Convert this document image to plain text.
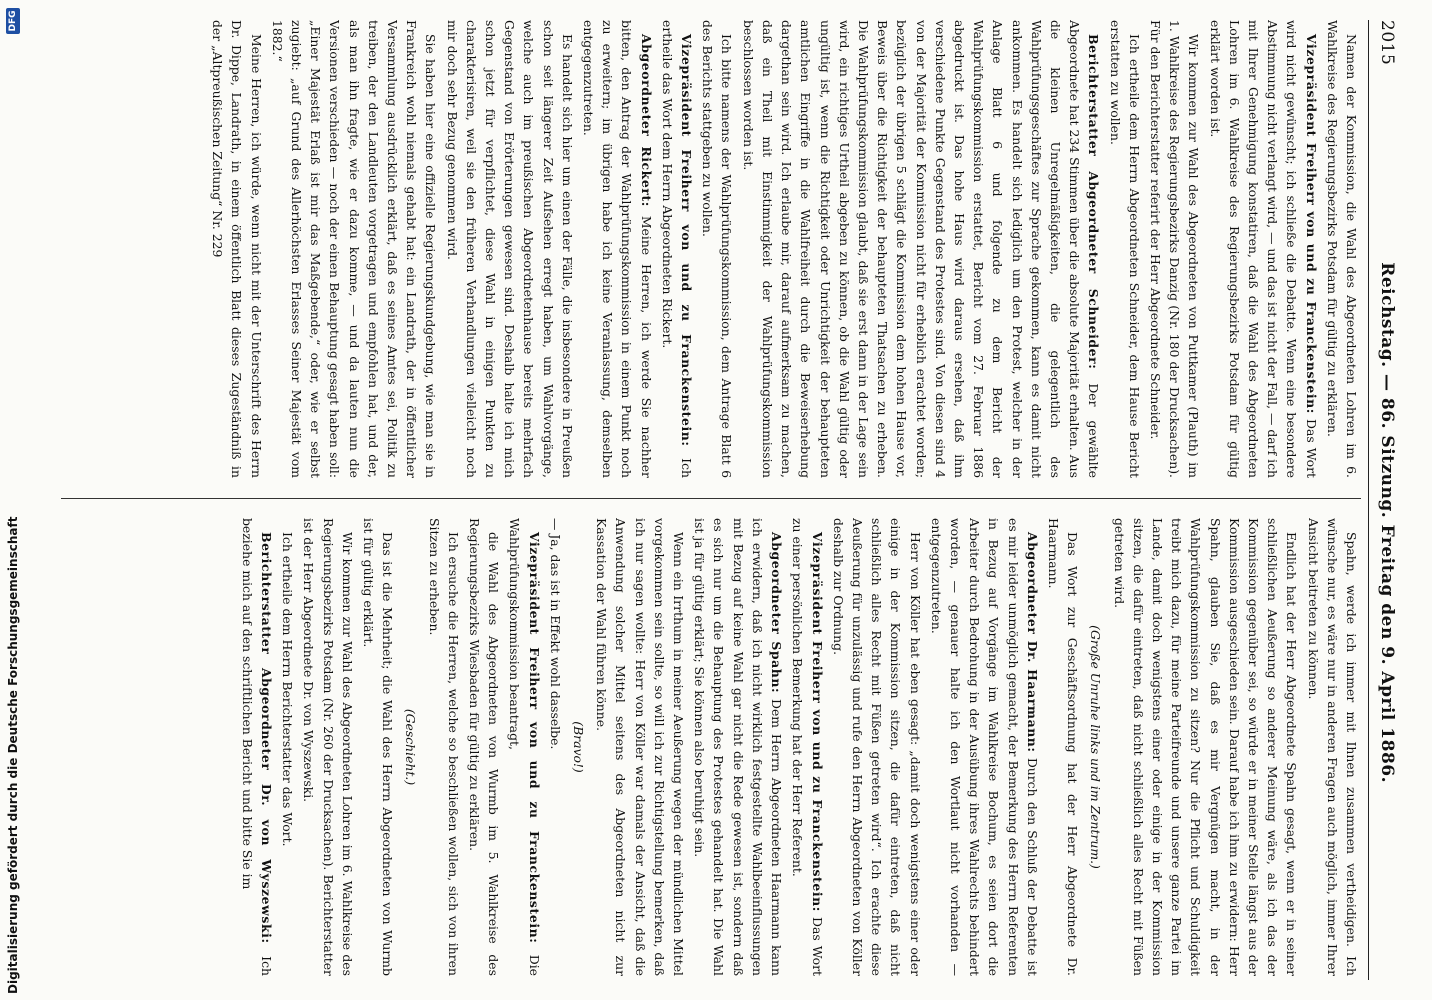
2015
Reichstag. — 86. Sitzung. Freitag den 9. April 1886.

Namen der Kommission, die Wahl des Abgeordneten Lohren im 6. Wahlkreise des Regierungsbezirks Potsdam für gültig zu erklären.

Vizepräsident Freiherr von und zu Franckenstein: Das Wort wird nicht gewünscht; ich schließe die Debatte. Wenn eine besondere Abstimmung nicht verlangt wird, — und das ist nicht der Fall, — darf ich mit Ihrer Genehmigung konstatiren, daß die Wahl des Abgeordneten Lohren im 6. Wahlkreise des Regierungsbezirks Potsdam für gültig erklärt worden ist.

Wir kommen zur Wahl des Abgeordneten von Puttkamer (Plauth) im 1. Wahlkreise des Regierungsbezirks Danzig (Nr. 180 der Drucksachen). Für den Berichterstatter referirt der Herr Abgeordnete Schneider.

Ich ertheile dem Herrn Abgeordneten Schneider, dem Hause Bericht erstatten zu wollen.

Berichterstatter Abgeordneter Schneider: Der gewählte Abgeordnete hat 234 Stimmen über die absolute Majorität erhalten. Aus die kleinen Unregelmäßigkeiten, die gelegentlich des Wahlprüfungsgeschäftes zur Sprache gekommen, kann es damit nicht ankommen. Es handelt sich lediglich um den Protest, welcher in der Anlage Blatt 6 und folgende zu dem Bericht der Wahlprüfungskommission erstattet, Bericht vom 27. Februar 1886 abgedruckt ist. Das hohe Haus wird daraus ersehen, daß ihm verschiedene Punkte Gegenstand des Protestes sind. Von diesen sind 4 von der Majorität der Kommission nicht für erheblich erachtet worden; bezüglich der übrigen 5 schlägt die Kommission dem hohen Hause vor, Beweis über die Richtigkeit der behaupteten Thatsachen zu erheben. Die Wahlprüfungskommission glaubt, daß sie erst dann in der Lage sein wird, ein richtiges Urtheil abgeben zu können, ob die Wahl gültig oder ungültig ist, wenn die Richtigkeit oder Unrichtigkeit der behaupteten amtlichen Eingriffe in die Wahlfreiheit durch die Beweiserhebung dargethan sein wird. Ich erlaube mir, darauf aufmerksam zu machen, daß ein Theil mit Einstimmigkeit der Wahlprüfungskommission beschlossen worden ist.

Ich bitte namens der Wahlprüfungskommission, dem Antrage Blatt 6 des Berichts stattgeben zu wollen.

Vizepräsident Freiherr von und zu Franckenstein: Ich ertheile das Wort dem Herrn Abgeordneten Rickert.

Abgeordneter Rickert: Meine Herren, ich werde Sie nachher bitten, den Antrag der Wahlprüfungskommission in einem Punkt noch zu erweitern; im übrigen habe ich keine Veranlassung, demselben entgegenzutreten.

Es handelt sich hier um einen der Fälle, die insbesondere in Preußen schon seit längerer Zeit Aufsehen erregt haben, um Wahlvorgänge, welche auch im preußischen Abgeordnetenhause bereits mehrfach Gegenstand von Erörterungen gewesen sind. Deshalb halte ich mich schon jetzt für verpflichtet, diese Wahl in einigen Punkten zu charakterisiren, weil sie den früheren Verhandlungen vielleicht noch mir doch sehr Bezug genommen wird.

Sie haben hier eine offizielle Regierungskundgebung, wie man sie in Frankreich wohl niemals gehabt hat: ein Landrath, der in öffentlicher Versammlung ausdrücklich erklärt, daß es seines Amtes sei, Politik zu treiben, der den Landleuten vorgetragen und empfohlen hat, und der, als man ihn fragte, wie er dazu komme, — und da lauten nun die Versionen verschieden — noch der einen Behauptung gesagt haben soll: „Einer Majestät Erlaß ist mir das Maßgebende,“ oder, wie er selbst zugiebt: „auf Grund des Allerhöchsten Erlasses Seiner Majestät vom 1882.“

Meine Herren, ich würde, wenn nicht mit der Unterschrift des Herrn Dr. Dippe, Landrath, in einem öffentlich Blatt dieses Zugeständniß in der „Altpreußischen Zeitung“ Nr. 229

Spahn, werde ich immer mit Ihnen zusammen vertheidigen. Ich wünsche nur, es wäre nur in anderen Fragen auch möglich, immer Ihrer Ansicht beitreten zu können.

Endlich hat der Herr Abgeordnete Spahn gesagt, wenn er in seiner schließlichen Aeußerung so anderer Meinung wäre, als ich das der Kommission gegenüber sei, so würde er in meiner Stelle längst aus der Kommission ausgeschieden sein. Darauf habe ich ihm zu erwidern: Herr Spahn, glauben Sie, daß es mir Vergnügen macht, in der Wahlprüfungskommission zu sitzen? Nur die Pflicht und Schuldigkeit treibt mich dazu, für meine Parteifreunde und unsere ganze Partei im Lande, damit doch wenigstens einer oder einige in der Kommission sitzen, die dafür eintreten, daß nicht schließlich alles Recht mit Füßen getreten wird.

(Große Unruhe links und im Zentrum.)

Das Wort zur Geschäftsordnung hat der Herr Abgeordnete Dr. Haarmann.

Abgeordneter Dr. Haarmann: Durch den Schluß der Debatte ist es mir leider unmöglich gemacht, der Bemerkung des Herrn Referenten in Bezug auf Vorgänge im Wahlkreise Bochum, es seien dort die Arbeiter durch Bedrohung in der Ausübung ihres Wahlrechts behindert worden, — genauer halte ich den Wortlaut nicht vorhanden — entgegenzutreten.

Herr von Köller hat eben gesagt: „damit doch wenigstens einer oder einige in der Kommission sitzen, die dafür eintreten, daß nicht schließlich alles Recht mit Füßen getreten wird“. Ich erachte diese Aeußerung für unzulässig und rufe den Herrn Abgeordneten von Köller deshalb zur Ordnung.

Vizepräsident Freiherr von und zu Franckenstein: Das Wort zu einer persönlichen Bemerkung hat der Herr Referent.

Abgeordneter Spahn: Dem Herrn Abgeordneten Haarmann kann ich erwidern, daß ich nicht wirklich festgestellte Wahlbeeinflussungen mit Bezug auf keine Wahl gar nicht die Rede gewesen ist, sondern daß es sich nur um die Behauptung des Protestes gehandelt hat. Die Wahl ist ja für gültig erklärt; Sie können also beruhigt sein.

Wenn ein Irrthum in meiner Aeußerung wegen der mündlichen Mittel vorgekommen sein sollte, so will ich zur Richtigstellung bemerken, daß ich nur sagen wollte: Herr von Köller war damals der Ansicht, daß die Anwendung solcher Mittel seitens des Abgeordneten nicht zur Kassation der Wahl führen könne.

(Bravo!)

— Ja, das ist in Effekt wohl dasselbe.

Vizepräsident Freiherr von und zu Franckenstein: Die Wahlprüfungskommission beantragt,

die Wahl des Abgeordneten von Wurmb im 5. Wahlkreise des Regierungsbezirks Wiesbaden für gültig zu erklären.

Ich ersuche die Herren, welche so beschließen wollen, sich von ihren Sitzen zu erheben.

(Geschieht.)

Das ist die Mehrheit; die Wahl des Herrn Abgeordneten von Wurmb ist für gültig erklärt.

Wir kommen zur Wahl des Abgeordneten Lohren im 6. Wahlkreise des Regierungsbezirks Potsdam (Nr. 260 der Drucksachen). Berichterstatter ist der Herr Abgeordnete Dr. von Wyszewski.

Ich ertheile dem Herrn Berichterstatter das Wort.

Berichterstatter Abgeordneter Dr. von Wyszewski: Ich beziehe mich auf den schriftlichen Bericht und bitte Sie im

Digitalisierung gefördert durch die Deutsche Forschungsgemeinschaft
DFG
